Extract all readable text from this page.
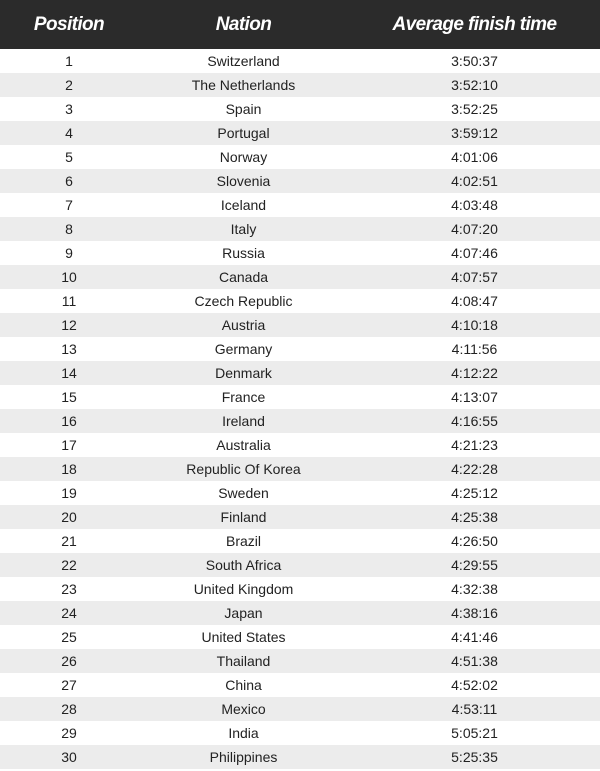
Position	Nation	Average finish time
1	Switzerland	3:50:37
2	The Netherlands	3:52:10
3	Spain	3:52:25
4	Portugal	3:59:12
5	Norway	4:01:06
6	Slovenia	4:02:51
7	Iceland	4:03:48
8	Italy	4:07:20
9	Russia	4:07:46
10	Canada	4:07:57
11	Czech Republic	4:08:47
12	Austria	4:10:18
13	Germany	4:11:56
14	Denmark	4:12:22
15	France	4:13:07
16	Ireland	4:16:55
17	Australia	4:21:23
18	Republic Of Korea	4:22:28
19	Sweden	4:25:12
20	Finland	4:25:38
21	Brazil	4:26:50
22	South Africa	4:29:55
23	United Kingdom	4:32:38
24	Japan	4:38:16
25	United States	4:41:46
26	Thailand	4:51:38
27	China	4:52:02
28	Mexico	4:53:11
29	India	5:05:21
30	Philippines	5:25:35
